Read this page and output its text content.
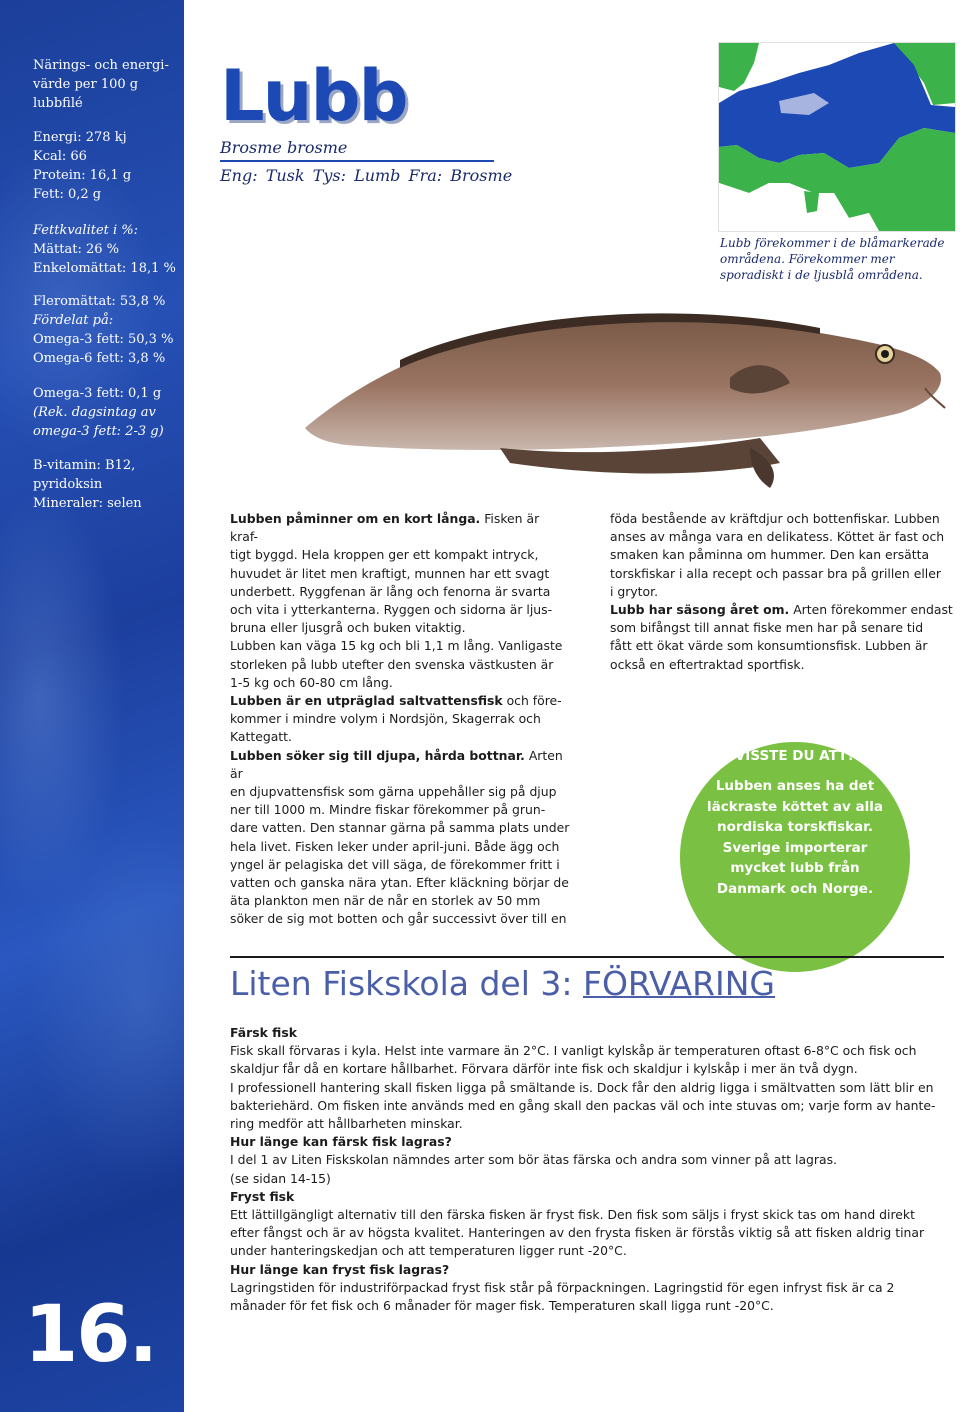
Närings- och energi-
värde per 100 g
lubbfilé
Energi: 278 kj
Kcal: 66
Protein: 16,1 g
Fett: 0,2 g
Fettkvalitet i %:
Mättat: 26 %
Enkelomättat: 18,1 %
Fleromättat: 53,8 %
Fördelat på:
Omega-3 fett: 50,3 %
Omega-6 fett: 3,8 %
Omega-3 fett: 0,1 g
(Rek. dagsintag av omega-3 fett: 2-3 g)
B-vitamin: B12, pyridoksin
Mineraler: selen
16.
Lubb
Brosme brosme
Eng: Tusk Tys: Lumb Fra: Brosme
Lubb förekommer i de blåmarkerade områdena. Förekommer mer sporadiskt i de ljusblå områdena.

Lubben påminner om en kort långa. Fisken är kraf-
tigt byggd. Hela kroppen ger ett kompakt intryck,
huvudet är litet men kraftigt, munnen har ett svagt
underbett. Ryggfenan är lång och fenorna är svarta
och vita i ytterkanterna. Ryggen och sidorna är ljus-
bruna eller ljusgrå och buken vitaktig.
Lubben kan väga 15 kg och bli 1,1 m lång. Vanligaste
storleken på lubb utefter den svenska västkusten är
1-5 kg och 60-80 cm lång.

Lubben är en utpräglad saltvattensfisk och före-
kommer i mindre volym i Nordsjön, Skagerrak och
Kattegatt.

Lubben söker sig till djupa, hårda bottnar. Arten är
en djupvattensfisk som gärna uppehåller sig på djup
ner till 1000 m. Mindre fiskar förekommer på grun-
dare vatten. Den stannar gärna på samma plats under
hela livet. Fisken leker under april-juni. Både ägg och
yngel är pelagiska det vill säga, de förekommer fritt i
vatten och ganska nära ytan. Efter kläckning börjar de
äta plankton men när de når en storlek av 50 mm
söker de sig mot botten och går successivt över till en

föda bestående av kräftdjur och bottenfiskar. Lubben
anses av många vara en delikatess. Köttet är fast och
smaken kan påminna om hummer. Den kan ersätta
torskfiskar i alla recept och passar bra på grillen eller
i grytor.

Lubb har säsong året om. Arten förekommer endast
som bifångst till annat fiske men har på senare tid
fått ett ökat värde som konsumtionsfisk. Lubben är
också en eftertraktad sportfisk.

VISSTE DU ATT?
Lubben anses ha det läckraste köttet av alla nordiska torskfiskar. Sverige importerar mycket lubb från Danmark och Norge.
Liten Fiskskola del 3: FÖRVARING

Färsk fisk

Fisk skall förvaras i kyla. Helst inte varmare än 2°C. I vanligt kylskåp är temperaturen oftast 6-8°C och fisk och
skaldjur får då en kortare hållbarhet. Förvara därför inte fisk och skaldjur i kylskåp i mer än två dygn.
I professionell hantering skall fisken ligga på smältande is. Dock får den aldrig ligga i smältvatten som lätt blir en
bakteriehärd. Om fisken inte används med en gång skall den packas väl och inte stuvas om; varje form av hante-
ring medför att hållbarheten minskar.

Hur länge kan färsk fisk lagras?

I del 1 av Liten Fiskskolan nämndes arter som bör ätas färska och andra som vinner på att lagras.
(se sidan 14-15)

Fryst fisk

Ett lättillgängligt alternativ till den färska fisken är fryst fisk. Den fisk som säljs i fryst skick tas om hand direkt
efter fångst och är av högsta kvalitet. Hanteringen av den frysta fisken är förstås viktig så att fisken aldrig tinar
under hanteringskedjan och att temperaturen ligger runt -20°C.

Hur länge kan fryst fisk lagras?

Lagringstiden för industriförpackad fryst fisk står på förpackningen. Lagringstid för egen infryst fisk är ca 2
månader för fet fisk och 6 månader för mager fisk. Temperaturen skall ligga runt -20°C.
